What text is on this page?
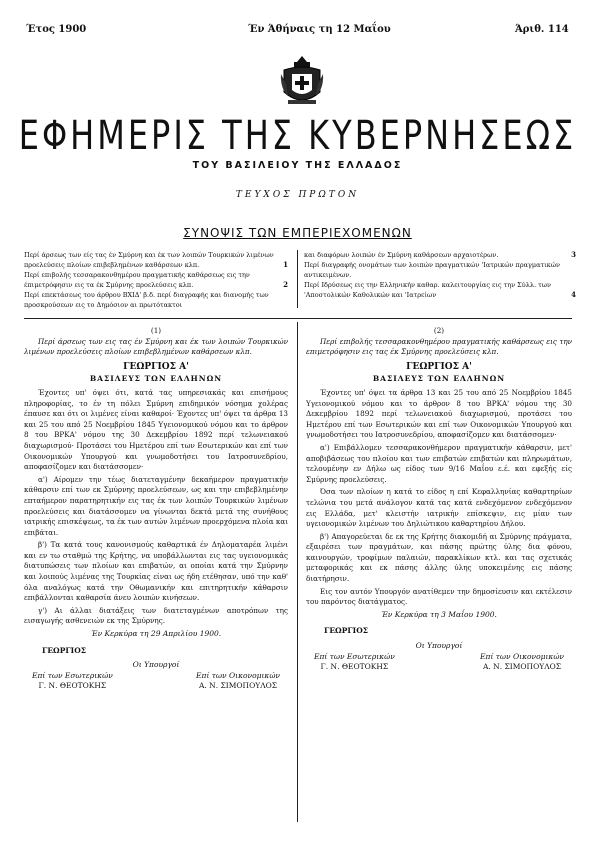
Έτος 1900	Έν Άθήναις τη 12 Μαΐου	Άριθ. 114
ΕΦΗΜΕΡΙΣ ΤΗΣ ΚΥΒΕΡΝΗΣΕΩΣ
ΤΟΥ ΒΑΣΙΛΕΙΟΥ ΤΗΣ ΕΛΛΑΔΟΣ
ΤΕΥΧΟΣ ΠΡΩΤΟΝ
ΣΥΝΟΨΙΣ ΤΩΝ ΕΜΠΕΡΙΕΧΟΜΕΝΩΝ
Περί άρσεως των είς τας έν Σμύρνη και έκ των λοιπών Τουρκικών λιμένων προελεύσεις πλοίων επιβεβλημένων καθάρσεων κλπ.	1
Περί επιβολής τεσσαρακονθημέρου πραγματικής καθάρσεως εις την έπιμετρόφησιν εις τα έκ Σμύρνης προελεύσεις κλπ.	2
Περί επεκτάσεως του άρθρου ΒΧΙΔ' β.δ. περί διαγραφής και διανομής των προσκρούσεων εις το Δημόσιον αι πρωτότακτοι
και διαφόρων λοιπών έν Σμύρνη καθάρσεων αρχαιοτέρων.	3
Περί διαγραφής ονομάτων των λοιπών πραγματικών 'Ιατρικών πραγματικών αντικειμένων.
Περί Ιδρύσεως εις την Ελληνικήν καθαρ. καλειτουργίας εις την Σύλλ. των 'Αποστολικών Καθολικών και 'Ιατρείων	4
(1)

Περί άρσεως των εις τας έν Σμύρνη και έκ των λοιπών Τουρκικών λιμένων προελεύσεις πλοίων επιβεβλημένων καθάρσεων κλπ.

ΓΕΩΡΓΙΟΣ Α'
ΒΑΣΙΛΕΥΣ ΤΩΝ ΕΛΛΗΝΩΝ

Έχοντες υπ' όψει ότι, κατά τας υπηρεσιακάς και επισήμους πληροφορίας, το έν τη πόλει Σμύρνη επιδημικόν νόσημα χολέρας έπαυσε και ότι οι λιμένες είναι καθαροί· Έχοντες υπ' όψει τα άρθρα 13 και 25 του από 25 Νοεμβρίου 1845 Υγειονομικού νόμου και το άρθρον 8 του ΒΡΚΑ' νόμου της 30 Δεκεμβρίου 1892 περί τελωνειακού διαχωρισμού· Προτάσει του Ημετέρου επί των Εσωτερικών και επί των Οικονομικών Υπουργού και γνωμοδοτήσει του Ιατροσυνεδρίου, αποφασίζομεν και διατάσσομεν·

α') Αίρομεν την τέως διατεταγμένην δεκαήμερον πραγματικήν κάθαρσιν επί των εκ Σμύρνης προελεύσεων, ως και την επιβεβλημένην επταήμερον παρατηρητικήν εις τας έκ των λοιπών Τουρκικών λιμένων προελεύσεις και διατάσσομεν να γίνωνται δεκτά μετά της συνήθους ιατρικής επισκέψεως, τα έκ των αυτών λιμένων προερχόμενα πλοία και επιβάται.

β') Τα κατά τους κανονισμούς καθαρτικά έν Δηλοματαρέα λιμένι και εν τω σταθμώ της Κρήτης, να υποβάλλωνται εις τας υγειονομικάς διατυπώσεις των πλοίων και επιβατών, αι οποίαι κατά την Σμύρνην και λοιπούς λιμένας της Τουρκίας είναι ως ήδη ετέθησαν, υπό την καθ' όλα αναλόγως κατά την Οθωμανικήν και επιτηρητικήν κάθαρσιν επιβάλλονται καθαρσία άνευ λοιπών κινήσεων.

γ') Αι άλλαι διατάξεις των διατεταγμένων αποτρόπων της εισαγωγής ασθενειών εκ της Σμύρνης.

Έν Κερκύρα τη 29 Απριλίου 1900.
ΓΕΩΡΓΙΟΣ
Οι Υπουργοί
Επί των Εσωτερικών
Γ. Ν. ΘΕΟΤΟΚΗΣ
Επί των Οικονομικών
Α. Ν. ΣΙΜΟΠΟΥΛΟΣ
(2)

Περί επιβολής τεσσαρακονθημέρου πραγματικής καθάρσεως εις την επιμετρόφησιν εις τας έκ Σμύρνης προελεύσεις κλπ.

ΓΕΩΡΓΙΟΣ Α'
ΒΑΣΙΛΕΥΣ ΤΩΝ ΕΛΛΗΝΩΝ

Έχοντες υπ' όψει τα άρθρα 13 και 25 του από 25 Νοεμβρίου 1845 Υγειονομικού νόμου και το άρθρον 8 του ΒΡΚΑ' νόμου της 30 Δεκεμβρίου 1892 περί τελωνειακού διαχωρισμού, προτάσει του Ημετέρου επί των Εσωτερικών και επί των Οικονομικών Υπουργού και γνωμοδοτήσει του Ιατροσυνεδρίου, αποφασίζομεν και διατάσσομεν·

α') Επιβάλλομεν τεσσαρακονθήμερον πραγματικήν κάθαρσιν, μετ' αποβιβάσεως του πλοίου και των επιβατών επιβατών και πληρωμάτων, τελουμένην εν Δήλω ως είδος των 9/16 Μαΐου ε.έ. και εφεξής είς Σμύρνης προελεύσεις.

Όσα των πλοίων η κατά το είδος η επί Κεφαλληνίας καθαρτηρίων τελώνια του μετά ανάλογον κατά τας κατά ενδεχόμενον ενδεχόμενον εις Ελλάδα, μετ' κλειστήν ιατρικήν επίσκεψιν, εις μίαν των υγειονομικών λιμένων του Δηλιώτικου καθαρτηρίου Δήλου.

β') Απαγορεύεται δε εκ της Κρήτης διακομιδή αι Σμύρνης πράγματα, εξαιρέσει των πραγμάτων, και πάσης πρώτης ύλης δια φόνου, καινουργών, τροφίμων παλαιών, παρακλίκων κτλ. και τας σχετικάς μεταφορικάς και εκ πάσης άλλης ύλης υποκειμένης εις πάσης διατήρησιν.

Εις τον αυτόν Υπουργόν ανατίθεμεν την δημοσίευσιν και εκτέλεσιν του παρόντος διατάγματος.

Έν Κερκύρα τη 3 Μαΐου 1900.
ΓΕΩΡΓΙΟΣ
Οι Υπουργοί
Επί των Εσωτερικών
Γ. Ν. ΘΕΟΤΟΚΗΣ
Επί των Οικονομικών
Α. Ν. ΣΙΜΟΠΟΥΛΟΣ
